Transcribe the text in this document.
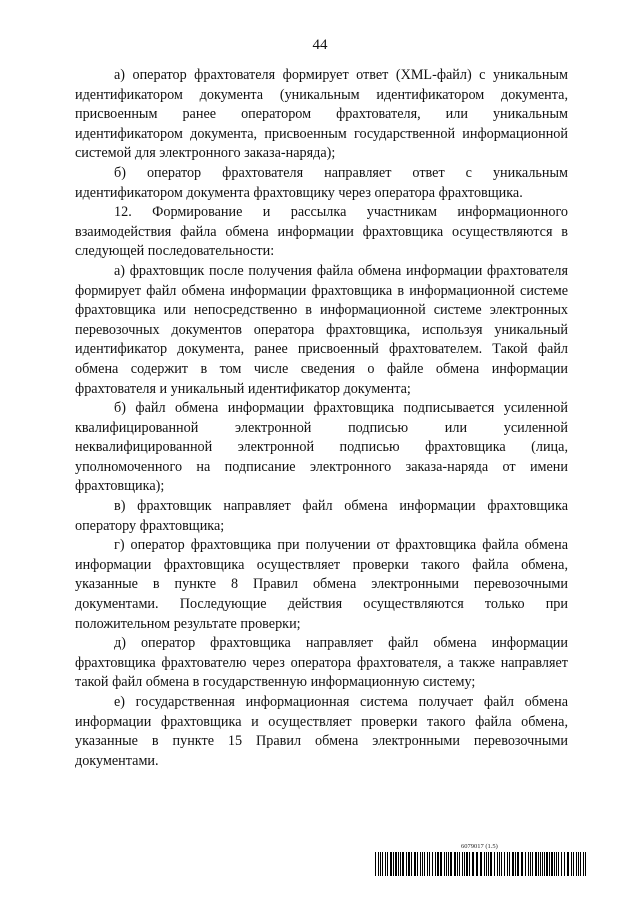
44

а) оператор фрахтователя формирует ответ (XML-файл) с уникальным идентификатором документа (уникальным идентификатором документа, присвоенным ранее оператором фрахтователя, или уникальным идентификатором документа, присвоенным государственной информационной системой для электронного заказа-наряда);

б) оператор фрахтователя направляет ответ с уникальным идентификатором документа фрахтовщику через оператора фрахтовщика.

12. Формирование и рассылка участникам информационного взаимодействия файла обмена информации фрахтовщика осуществляются в следующей последовательности:

а) фрахтовщик после получения файла обмена информации фрахтователя формирует файл обмена информации фрахтовщика в информационной системе фрахтовщика или непосредственно в информационной системе электронных перевозочных документов оператора фрахтовщика, используя уникальный идентификатор документа, ранее присвоенный фрахтователем. Такой файл обмена содержит в том числе сведения о файле обмена информации фрахтователя и уникальный идентификатор документа;

б) файл обмена информации фрахтовщика подписывается усиленной квалифицированной электронной подписью или усиленной неквалифицированной электронной подписью фрахтовщика (лица, уполномоченного на подписание электронного заказа-наряда от имени фрахтовщика);

в) фрахтовщик направляет файл обмена информации фрахтовщика оператору фрахтовщика;

г) оператор фрахтовщика при получении от фрахтовщика файла обмена информации фрахтовщика осуществляет проверки такого файла обмена, указанные в пункте 8 Правил обмена электронными перевозочными документами. Последующие действия осуществляются только при положительном результате проверки;

д) оператор фрахтовщика направляет файл обмена информации фрахтовщика фрахтователю через оператора фрахтователя, а также направляет такой файл обмена в государственную информационную систему;

е) государственная информационная система получает файл обмена информации фрахтовщика и осуществляет проверки такого файла обмена, указанные в пункте 15 Правил обмена электронными перевозочными документами.

6079017 (1.5)
